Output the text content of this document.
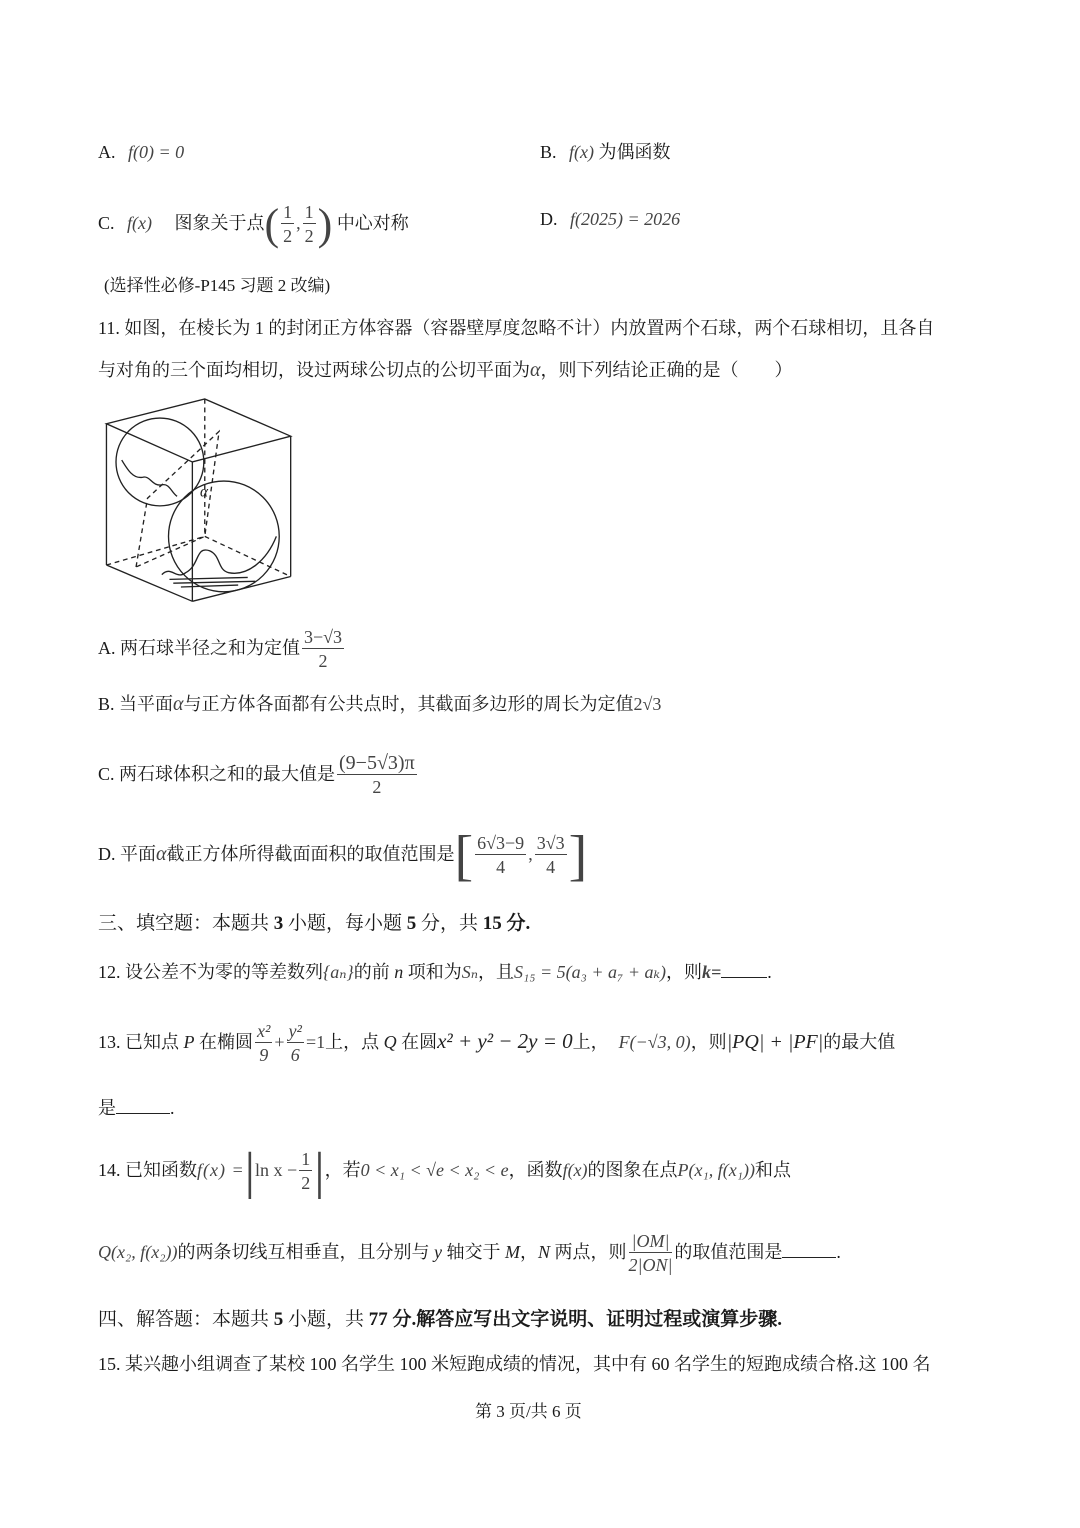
A. f(0) = 0	B. f(x) 为偶函数
C. f(x) 图象关于点( $\frac{1}{2}$ , $\frac{1}{2}$ ) 中心对称	D. f(2025) = 2026
(选择性必修-P145 习题 2 改编)
11. 如图，在棱长为 1 的封闭正方体容器（容器壁厚度忽略不计）内放置两个石球，两个石球相切，且各自
与对角的三个面均相切，设过两球公切点的公切平面为α，则下列结论正确的是（　　）
α
A. 两石球半径之和为定值 $\frac{3-√3}{2}$
B. 当平面α与正方体各面都有公共点时，其截面多边形的周长为定值2√3
C. 两石球体积之和的最大值是 $\frac{(9-5√3)\pi}{2}$
D. 平面α截正方体所得截面面积的取值范围是[ $\frac{6√3-9}{4}$ , $\frac{3√3}{4}$ ]
三、填空题：本题共 3 小题，每小题 5 分，共 15 分.
12. 设公差不为零的等差数列{aₙ}的前 n 项和为Sₙ，且S₁₅ = 5(a₃ + a₇ + aₖ)，则k=	.
13. 已知点 P 在椭圆 $\frac{\text{x²}}{9} + \frac{\text{y²}}{6} =1$上，点 Q 在圆x² + y² − 2y = 0上， F(−√3, 0)，则|PQ| + |PF|的最大值
是	.
14. 已知函数f(x) =|ln $x - \frac{1}{2}$ |，若0 < x₁ < √e < x₂ < e，函数f(x)的图象在点P(x₁, f(x₁))和点
Q(x₂, f(x₂))的两条切线互相垂直，且分别与 y 轴交于 M，N 两点，则 $\frac{|OM|}{2|ON|}$ 的取值范围是	.
四、解答题：本题共 5 小题，共 77 分.解答应写出文字说明、证明过程或演算步骤.
15. 某兴趣小组调查了某校 100 名学生 100 米短跑成绩的情况，其中有 60 名学生的短跑成绩合格.这 100 名
第 3 页/共 6 页
